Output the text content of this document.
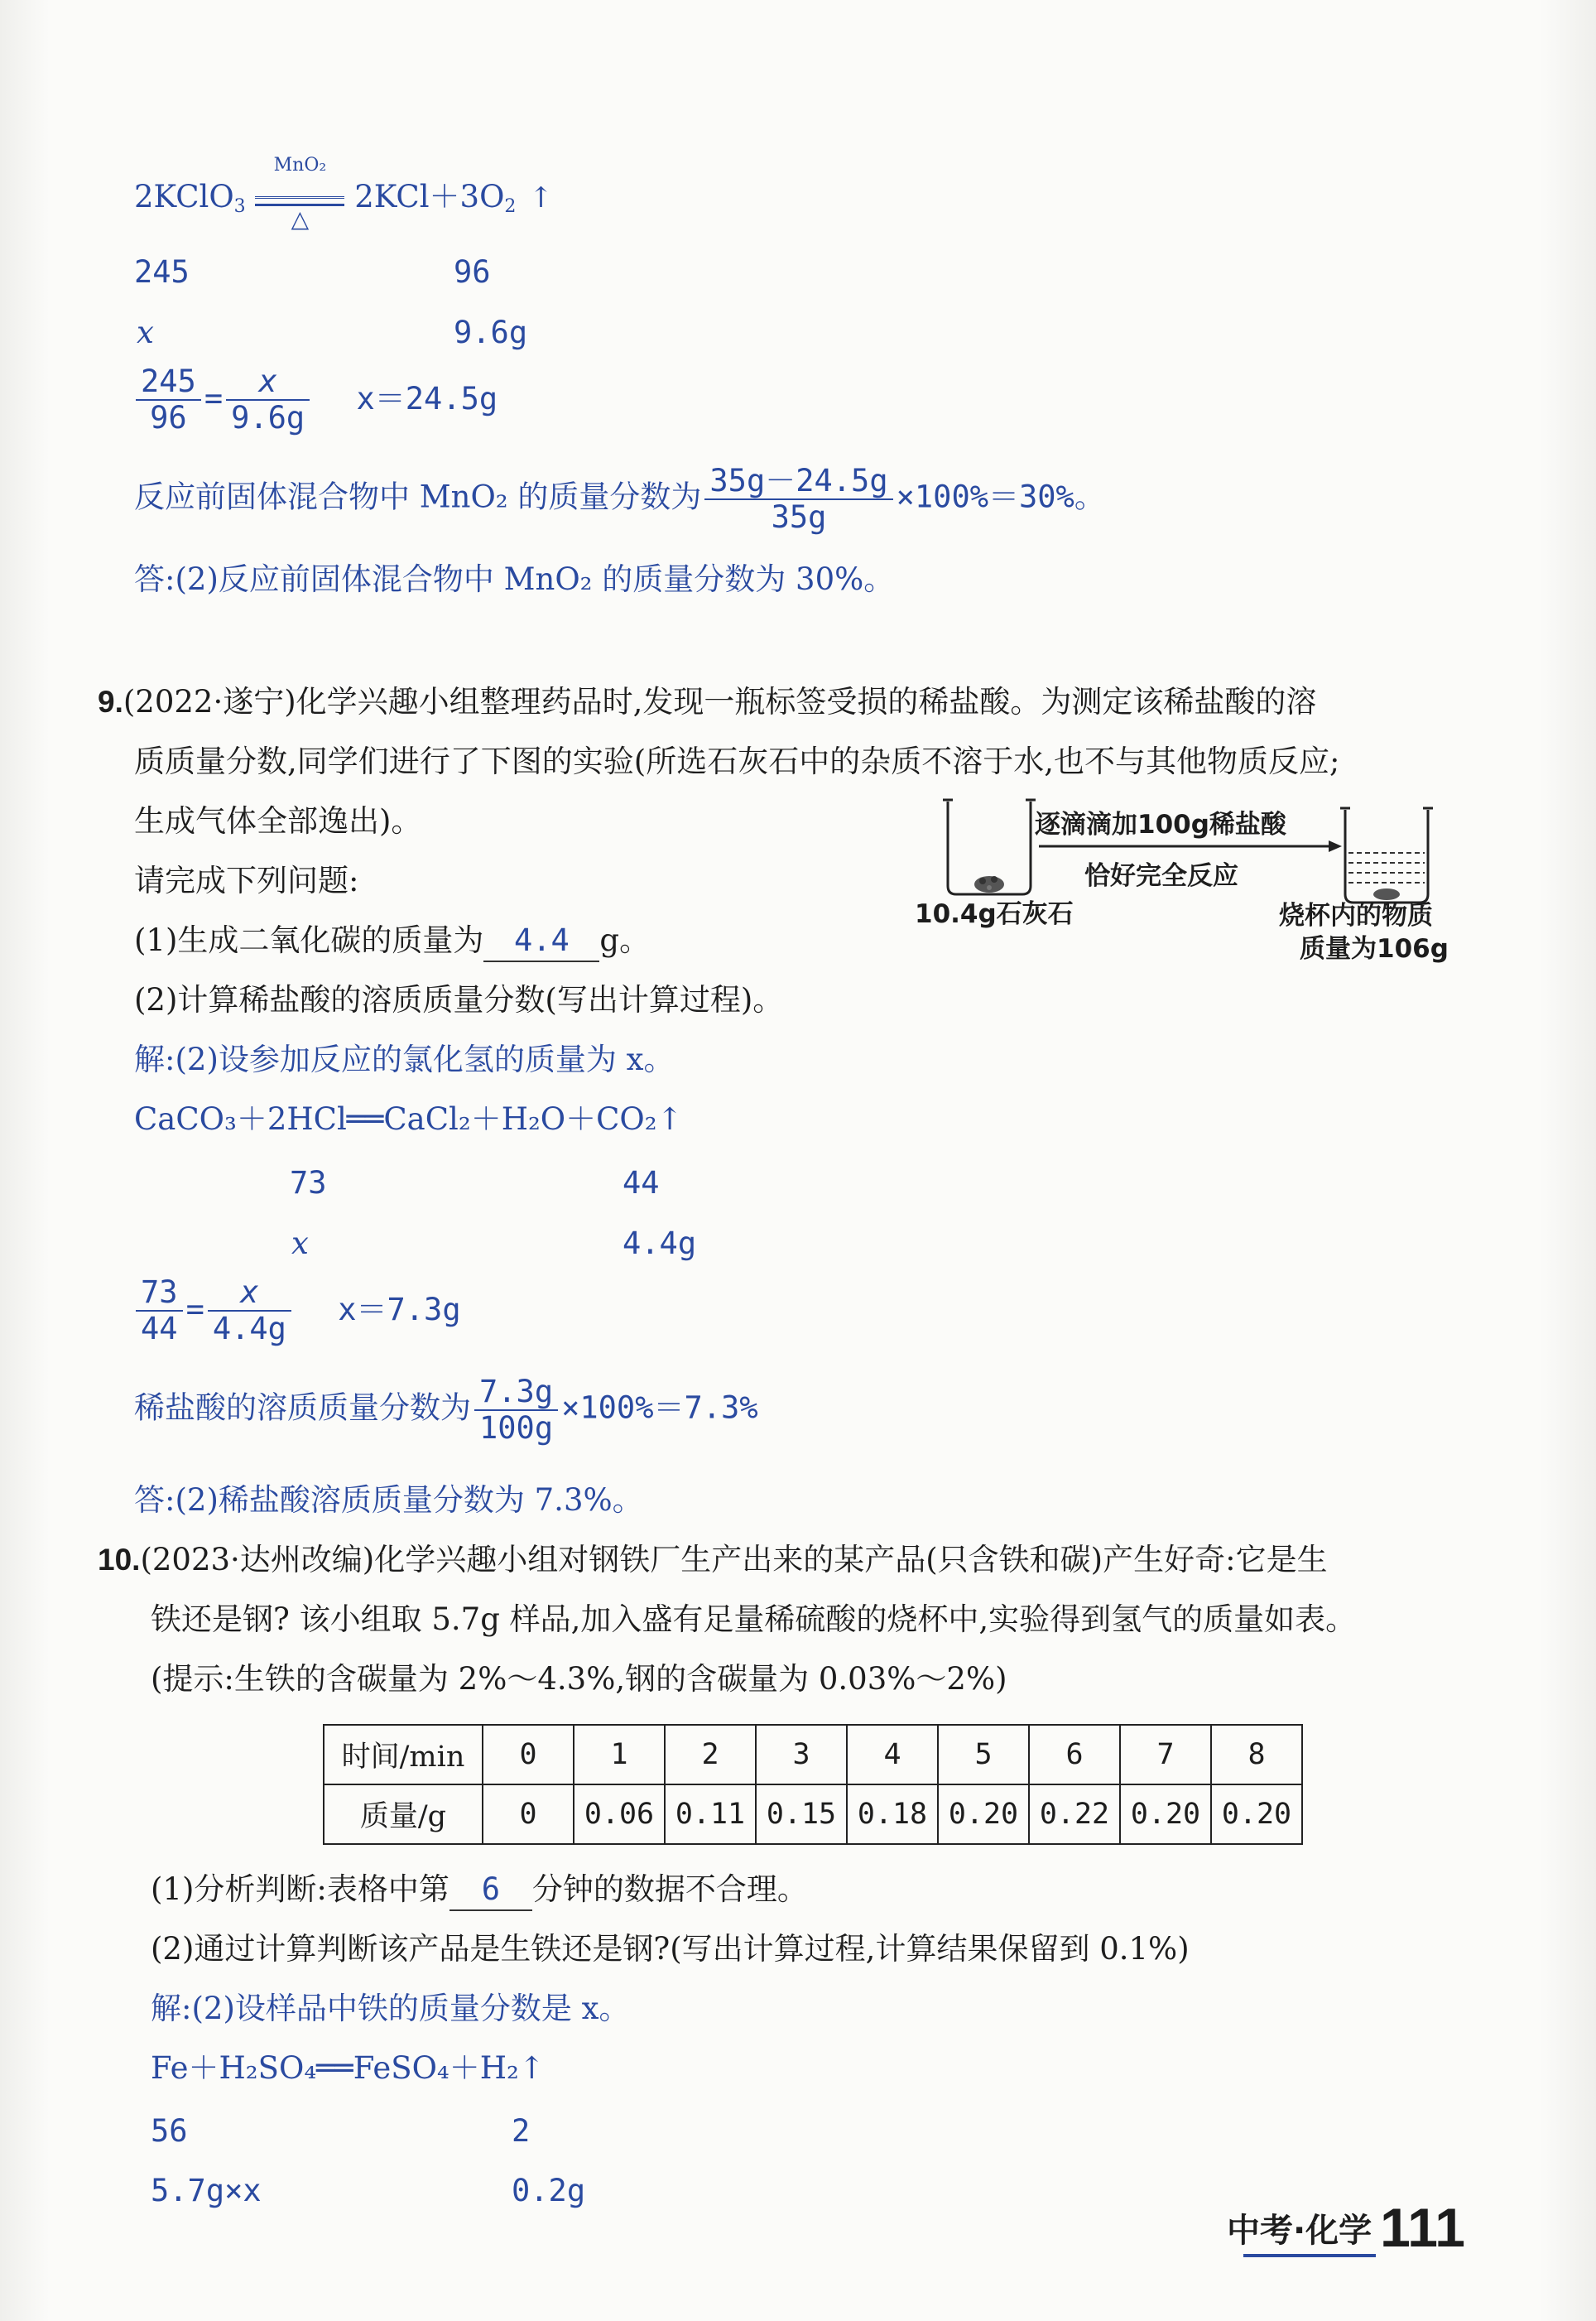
2KClO$_3$
MnO₂
△
$2KCl+3O_2$ ↑
245	96
x	9.6g
$\frac{245}{96} = \frac{x}{9.6g} x=24.5g$
反应前固体混合物中 MnO₂ 的质量分数为 $\frac{35g-24.5g}{35g} \times 100\%=30\%$。
答:(2)反应前固体混合物中 MnO₂ 的质量分数为 30%。
9.(2022·遂宁)化学兴趣小组整理药品时,发现一瓶标签受损的稀盐酸。为测定该稀盐酸的溶
质质量分数,同学们进行了下图的实验(所选石灰石中的杂质不溶于水,也不与其他物质反应;
生成气体全部逸出)。
请完成下列问题:
(1)生成二氧化碳的质量为 4.4 g。
(2)计算稀盐酸的溶质质量分数(写出计算过程)。
解:(2)设参加反应的氯化氢的质量为 x。
CaCO₃＋2HCl══CaCl₂＋H₂O＋CO₂↑
73	44
x	4.4g
$\frac{73}{44} = \frac{x}{4.4g} x=7.3g$
稀盐酸的溶质质量分数为 $\frac{7.3g}{100g} \times 100\%=7.3\%$
答:(2)稀盐酸溶质质量分数为 7.3%。
逐滴滴加100g稀盐酸
恰好完全反应
10.4g石灰石	烧杯内的物质
质量为106g
10.(2023·达州改编)化学兴趣小组对钢铁厂生产出来的某产品(只含铁和碳)产生好奇:它是生
铁还是钢? 该小组取 5.7g 样品,加入盛有足量稀硫酸的烧杯中,实验得到氢气的质量如表。
(提示:生铁的含碳量为 2%～4.3%,钢的含碳量为 0.03%～2%)
时间/min	0	1	2	3	4	5	6	7	8
质量/g	0	0.06	0.11	0.15	0.18	0.20	0.22	0.20	0.20
(1)分析判断:表格中第 6 分钟的数据不合理。
(2)通过计算判断该产品是生铁还是钢?(写出计算过程,计算结果保留到 0.1%)
解:(2)设样品中铁的质量分数是 x。
Fe＋H₂SO₄══FeSO₄＋H₂↑
56	2
5.7g×x	0.2g
中考·化学 111
